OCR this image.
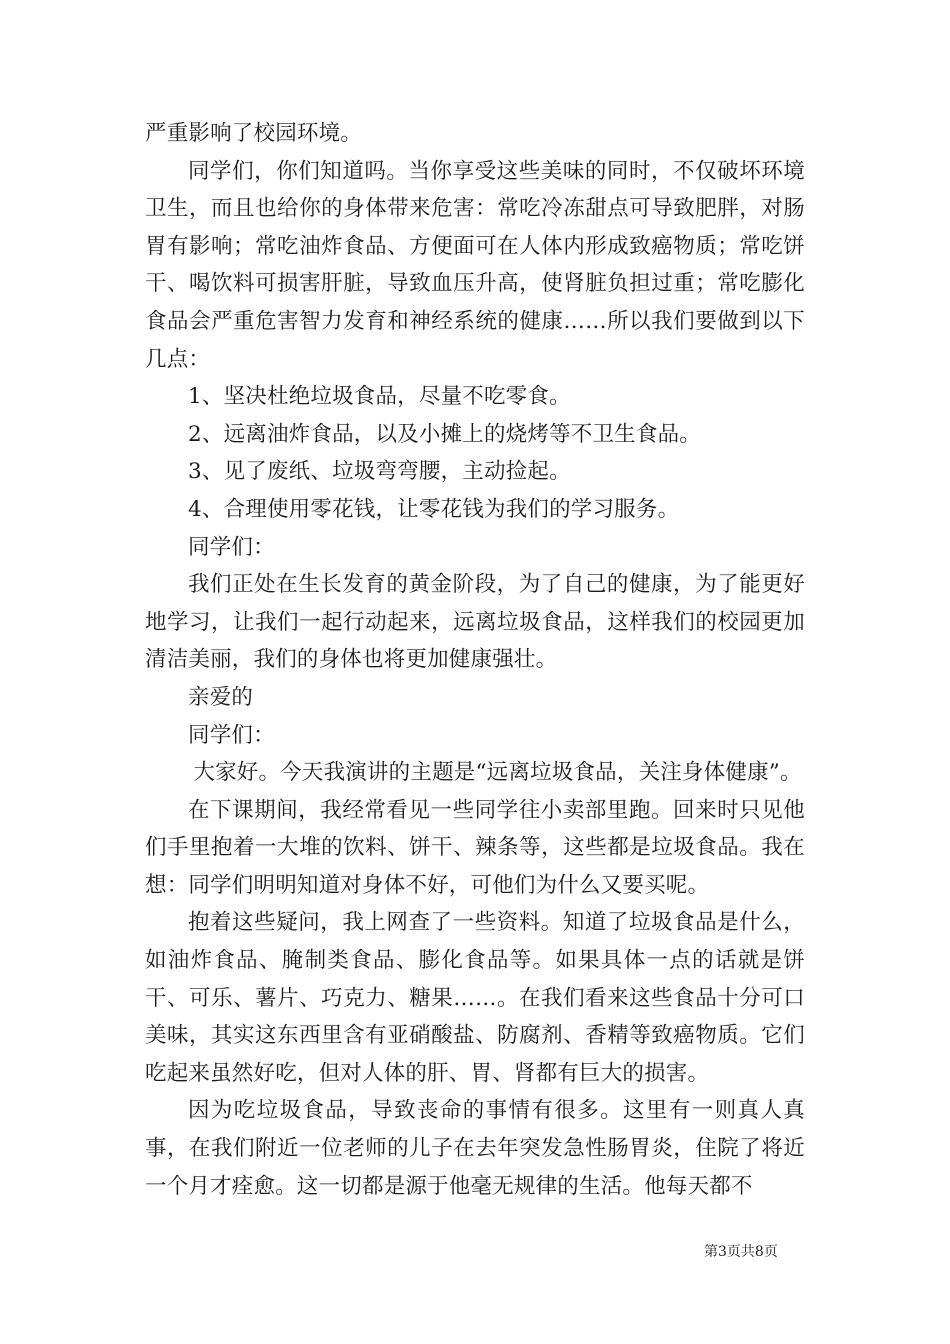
严重影响了校园环境。

同学们，你们知道吗。当你享受这些美味的同时，不仅破坏环境卫生，而且也给你的身体带来危害：常吃冷冻甜点可导致肥胖，对肠胃有影响；常吃油炸食品、方便面可在人体内形成致癌物质；常吃饼干、喝饮料可损害肝脏，导致血压升高，使肾脏负担过重；常吃膨化食品会严重危害智力发育和神经系统的健康……所以我们要做到以下几点：

1、坚决杜绝垃圾食品，尽量不吃零食。

2、远离油炸食品，以及小摊上的烧烤等不卫生食品。

3、见了废纸、垃圾弯弯腰，主动捡起。

4、合理使用零花钱，让零花钱为我们的学习服务。

同学们：

我们正处在生长发育的黄金阶段，为了自己的健康，为了能更好地学习，让我们一起行动起来，远离垃圾食品，这样我们的校园更加清洁美丽，我们的身体也将更加健康强壮。

亲爱的

同学们：

大家好。今天我演讲的主题是“远离垃圾食品，关注身体健康”。

在下课期间，我经常看见一些同学往小卖部里跑。回来时只见他们手里抱着一大堆的饮料、饼干、辣条等，这些都是垃圾食品。我在想：同学们明明知道对身体不好，可他们为什么又要买呢。

抱着这些疑问，我上网查了一些资料。知道了垃圾食品是什么，如油炸食品、腌制类食品、膨化食品等。如果具体一点的话就是饼干、可乐、薯片、巧克力、糖果……。在我们看来这些食品十分可口美味，其实这东西里含有亚硝酸盐、防腐剂、香精等致癌物质。它们吃起来虽然好吃，但对人体的肝、胃、肾都有巨大的损害。

因为吃垃圾食品，导致丧命的事情有很多。这里有一则真人真事，在我们附近一位老师的儿子在去年突发急性肠胃炎，住院了将近一个月才痊愈。这一切都是源于他毫无规律的生活。他每天都不

第3页共8页
